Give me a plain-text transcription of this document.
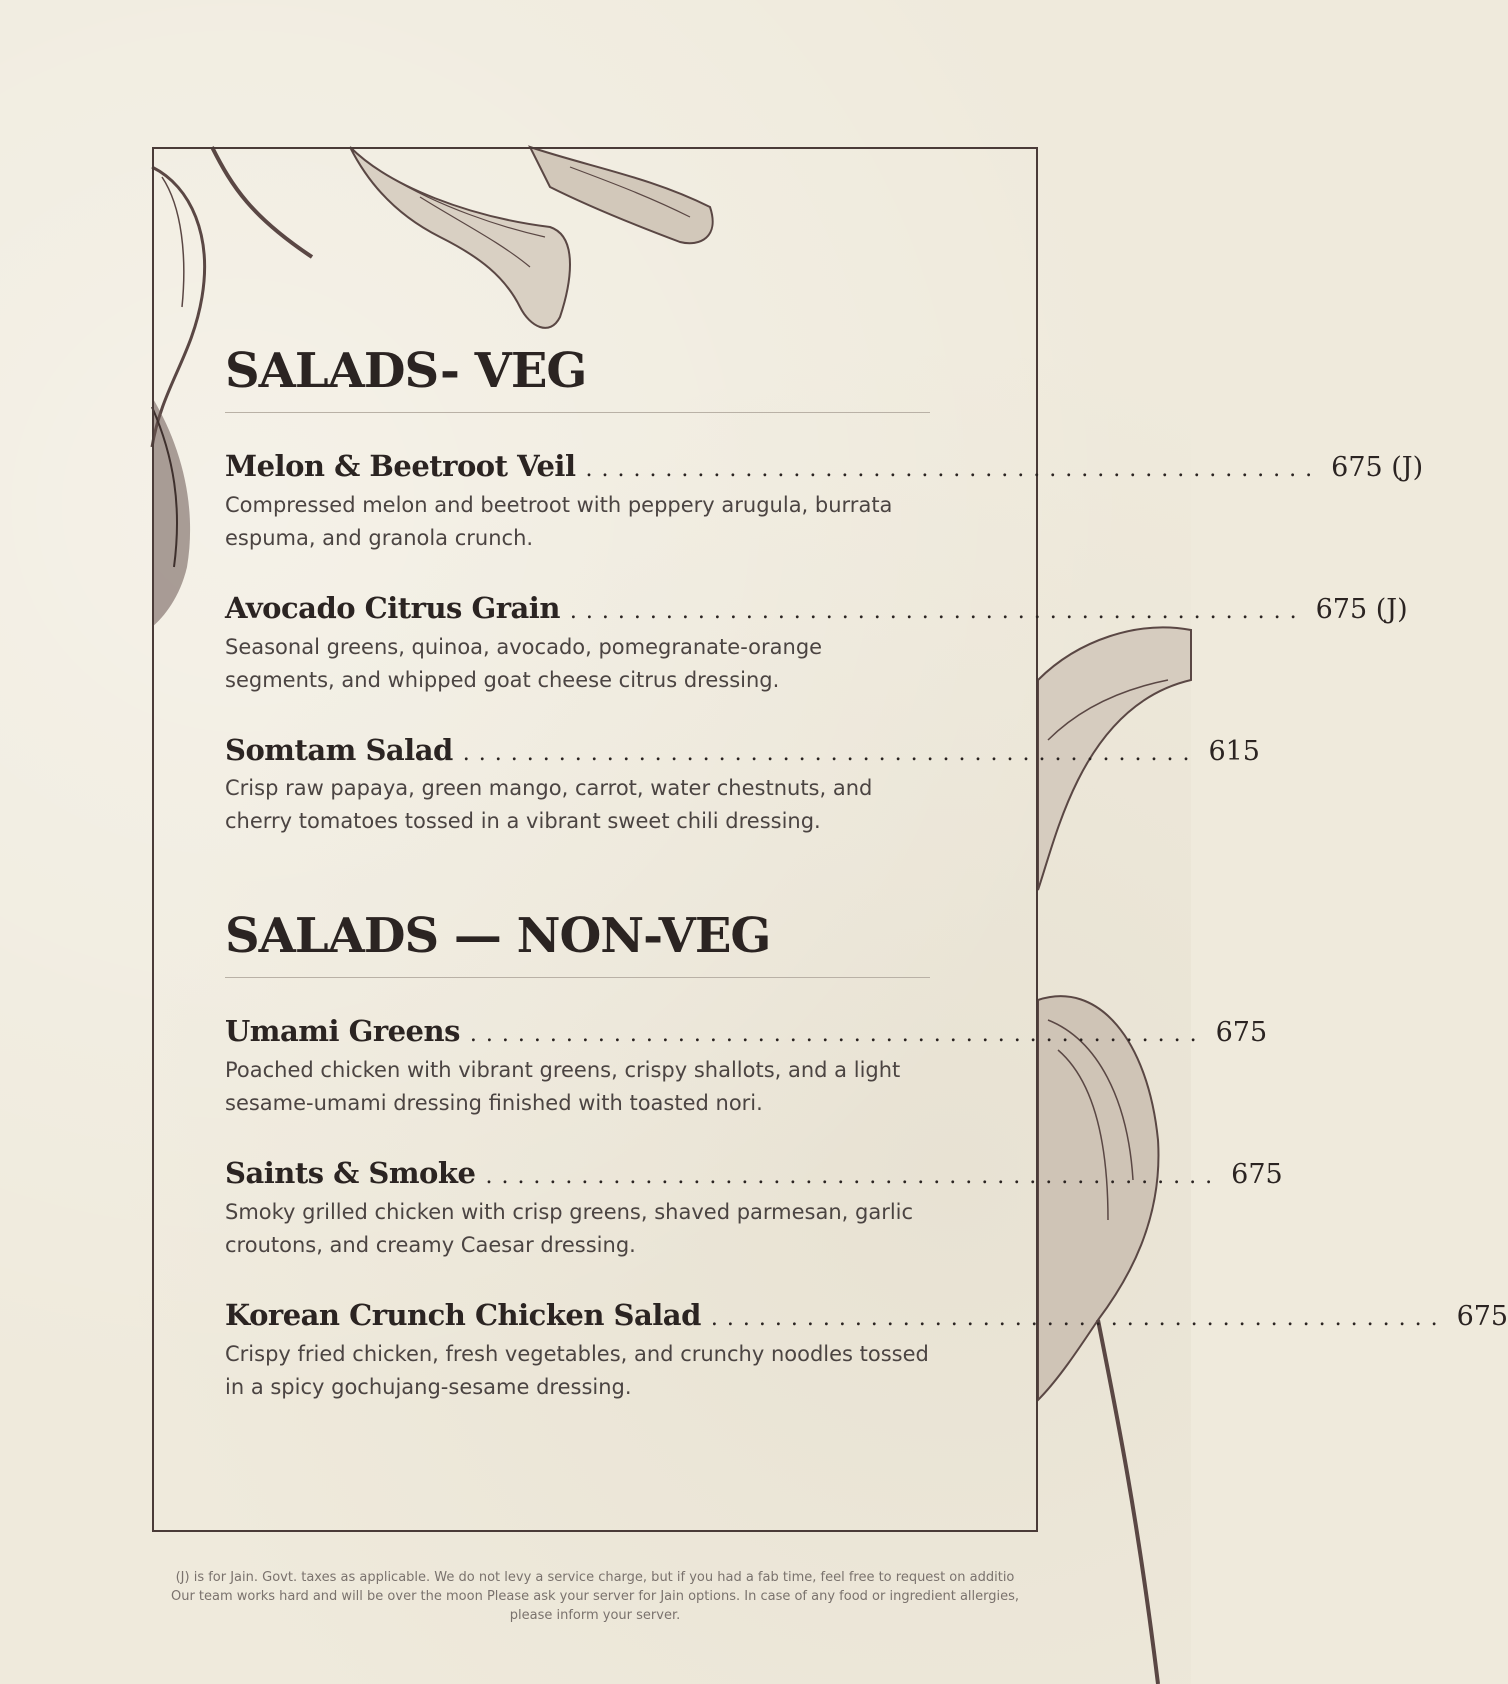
SALADS- VEG
Melon & Beetroot Veil .............................................. 675 (J)
Compressed melon and beetroot with peppery arugula, burrata espuma, and granola crunch.
Avocado Citrus Grain .............................................. 675 (J)
Seasonal greens, quinoa, avocado, pomegranate-orange segments, and whipped goat cheese citrus dressing.
Somtam Salad .............................................. 615
Crisp raw papaya, green mango, carrot, water chestnuts, and cherry tomatoes tossed in a vibrant sweet chili dressing.
SALADS — NON-VEG
Umami Greens .............................................. 675
Poached chicken with vibrant greens, crispy shallots, and a light sesame-umami dressing finished with toasted nori.
Saints & Smoke .............................................. 675
Smoky grilled chicken with crisp greens, shaved parmesan, garlic croutons, and creamy Caesar dressing.
Korean Crunch Chicken Salad .............................................. 675
Crispy fried chicken, fresh vegetables, and crunchy noodles tossed in a spicy gochujang-sesame dressing.
(J) is for Jain. Govt. taxes as applicable. We do not levy a service charge, but if you had a fab time, feel free to request on additio
Our team works hard and will be over the moon Please ask your server for Jain options. In case of any food or ingredient allergies,
please inform your server.
